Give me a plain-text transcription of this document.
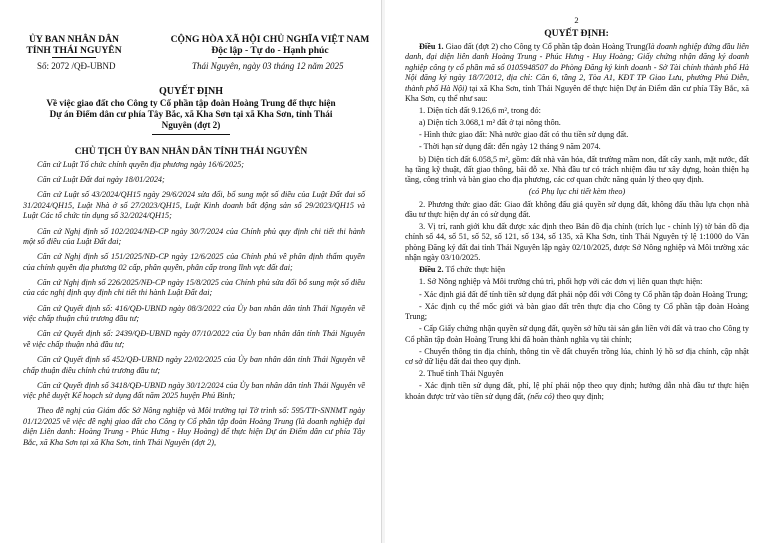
ỦY BAN NHÂN DÂN
TỈNH THÁI NGUYÊN
CỘNG HÒA XÃ HỘI CHỦ NGHĨA VIỆT NAM
Độc lập - Tự do - Hạnh phúc
Số: 2072 /QĐ-UBND	Thái Nguyên, ngày 03 tháng 12 năm 2025
QUYẾT ĐỊNH
Về việc giao đất cho Công ty Cổ phần tập đoàn Hoàng Trung để thực hiện Dự án Điểm dân cư phía Tây Bắc, xã Kha Sơn tại xã Kha Sơn, tỉnh Thái Nguyên (đợt 2)
CHỦ TỊCH ỦY BAN NHÂN DÂN TỈNH THÁI NGUYÊN

Căn cứ Luật Tổ chức chính quyền địa phương ngày 16/6/2025;

Căn cứ Luật Đất đai ngày 18/01/2024;

Căn cứ Luật số 43/2024/QH15 ngày 29/6/2024 sửa đổi, bổ sung một số điều của Luật Đất đai số 31/2024/QH15, Luật Nhà ở số 27/2023/QH15, Luật Kinh doanh bất động sản số 29/2023/QH15 và Luật Các tổ chức tín dụng số 32/2024/QH15;

Căn cứ Nghị định số 102/2024/NĐ-CP ngày 30/7/2024 của Chính phủ quy định chi tiết thi hành một số điều của Luật Đất đai;

Căn cứ Nghị định số 151/2025/NĐ-CP ngày 12/6/2025 của Chính phủ về phân định thẩm quyền của chính quyền địa phương 02 cấp, phân quyền, phân cấp trong lĩnh vực đất đai;

Căn cứ Nghị định số 226/2025/NĐ-CP ngày 15/8/2025 của Chính phủ sửa đổi bổ sung một số điều của các nghị định quy định chi tiết thi hành Luật Đất đai;

Căn cứ Quyết định số: 416/QĐ-UBND ngày 08/3/2022 của Ủy ban nhân dân tỉnh Thái Nguyên về việc chấp thuận chủ trương đầu tư;

Căn cứ Quyết định số: 2439/QĐ-UBND ngày 07/10/2022 của Ủy ban nhân dân tỉnh Thái Nguyên về việc chấp thuận nhà đầu tư;

Căn cứ Quyết định số 452/QĐ-UBND ngày 22/02/2025 của Ủy ban nhân dân tỉnh Thái Nguyên về chấp thuận điều chỉnh chủ trương đầu tư;

Căn cứ Quyết định số 3418/QĐ-UBND ngày 30/12/2024 của Ủy ban nhân dân tỉnh Thái Nguyên về việc phê duyệt Kế hoạch sử dụng đất năm 2025 huyện Phú Bình;

Theo đề nghị của Giám đốc Sở Nông nghiệp và Môi trường tại Tờ trình số: 595/TTr-SNNMT ngày 01/12/2025 về việc đề nghị giao đất cho Công ty Cổ phần tập đoàn Hoàng Trung (là doanh nghiệp đại diện Liên danh: Hoàng Trung - Phúc Hưng - Huy Hoàng) để thực hiện Dự án Điểm dân cư phía Tây Bắc, xã Kha Sơn tại xã Kha Sơn, tỉnh Thái Nguyên (đợt 2),

2
QUYẾT ĐỊNH:

Điều 1. Giao đất (đợt 2) cho Công ty Cổ phần tập đoàn Hoàng Trung(là doanh nghiệp đứng đầu liên danh, đại diện liên danh Hoàng Trung - Phúc Hưng - Huy Hoàng; Giấy chứng nhận đăng ký doanh nghiệp công ty cổ phần mã số 0105948507 do Phòng Đăng ký kinh doanh - Sở Tài chính thành phố Hà Nội đăng ký ngày 18/7/2012, địa chỉ: Căn 6, tầng 2, Tòa A1, KĐT TP Giao Lưu, phường Phú Diễn, thành phố Hà Nội) tại xã Kha Sơn, tỉnh Thái Nguyên để thực hiện Dự án Điểm dân cư phía Tây Bắc, xã Kha Sơn, cụ thể như sau:

1. Diện tích đất 9.126,6 m², trong đó:

a) Diện tích 3.068,1 m² đất ở tại nông thôn.

- Hình thức giao đất: Nhà nước giao đất có thu tiền sử dụng đất.

- Thời hạn sử dụng đất: đến ngày 12 tháng 9 năm 2074.

b) Diện tích đất 6.058,5 m², gồm: đất nhà văn hóa, đất trường mầm non, đất cây xanh, mặt nước, đất hạ tầng kỹ thuật, đất giao thông, bãi đỗ xe. Nhà đầu tư có trách nhiệm đầu tư xây dựng, hoàn thiện hạ tầng, công trình và bàn giao cho địa phương, các cơ quan chức năng quản lý theo quy định.

(có Phụ lục chi tiết kèm theo)

2. Phương thức giao đất: Giao đất không đấu giá quyền sử dụng đất, không đấu thầu lựa chọn nhà đầu tư thực hiện dự án có sử dụng đất.

3. Vị trí, ranh giới khu đất được xác định theo Bản đồ địa chính (trích lục - chỉnh lý) tờ bản đồ địa chính số 44, số 51, số 52, số 121, số 134, số 135, xã Kha Sơn, tỉnh Thái Nguyên tỷ lệ 1:1000 do Văn phòng Đăng ký đất đai tỉnh Thái Nguyên lập ngày 02/10/2025, được Sở Nông nghiệp và Môi trường xác nhận ngày 03/10/2025.

Điều 2. Tổ chức thực hiện

1. Sở Nông nghiệp và Môi trường chủ trì, phối hợp với các đơn vị liên quan thực hiện:

- Xác định giá đất để tính tiền sử dụng đất phải nộp đối với Công ty Cổ phần tập đoàn Hoàng Trung;

- Xác định cụ thể mốc giới và bàn giao đất trên thực địa cho Công ty Cổ phần tập đoàn Hoàng Trung;

- Cấp Giấy chứng nhận quyền sử dụng đất, quyền sở hữu tài sản gắn liền với đất và trao cho Công ty Cổ phần tập đoàn Hoàng Trung khi đã hoàn thành nghĩa vụ tài chính;

- Chuyển thông tin địa chính, thông tin về đất chuyển trồng lúa, chỉnh lý hồ sơ địa chính, cập nhật cơ sở dữ liệu đất đai theo quy định.

2. Thuế tỉnh Thái Nguyên

- Xác định tiền sử dụng đất, phí, lệ phí phải nộp theo quy định; hướng dẫn nhà đầu tư thực hiện khoản được trừ vào tiền sử dụng đất, (nếu có) theo quy định;
